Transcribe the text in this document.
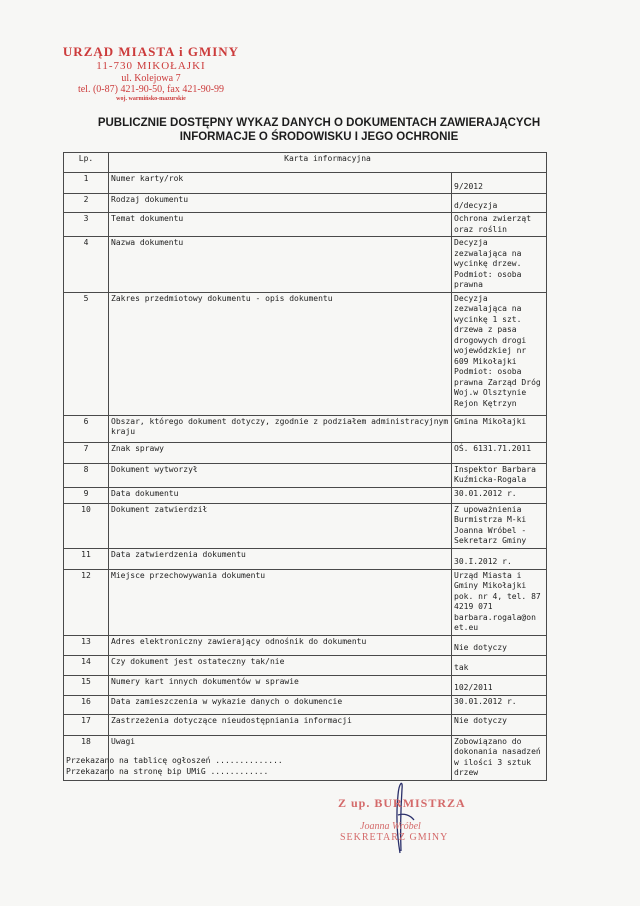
URZĄD MIASTA i GMINY
11-730 MIKOŁAJKI
ul. Kolejowa 7
tel. (0-87) 421-90-50, fax 421-90-99
woj. warmińsko-mazurskie
PUBLICZNIE DOSTĘPNY WYKAZ DANYCH O DOKUMENTACH ZAWIERAJĄCYCH INFORMACJE O ŚRODOWISKU I JEGO OCHRONIE
Lp.	Karta informacyjna	
1	Numer karty/rok	9/2012
2	Rodzaj dokumentu	d/decyzja
3	Temat dokumentu	Ochrona zwierząt oraz roślin
4	Nazwa dokumentu	Decyzja zezwalająca na wycinkę drzew. Podmiot: osoba prawna
5	Zakres przedmiotowy dokumentu - opis dokumentu	Decyzja zezwalająca na wycinkę 1 szt. drzewa z pasa drogowych drogi wojewódzkiej nr 609 Mikołajki Podmiot: osoba prawna Zarząd Dróg Woj.w Olsztynie Rejon Kętrzyn
6	Obszar, którego dokument dotyczy, zgodnie z podziałem administracyjnym kraju	Gmina Mikołajki
7	Znak sprawy	OŚ. 6131.71.2011
8	Dokument wytworzył	Inspektor Barbara Kuźmicka-Rogala
9	Data dokumentu	30.01.2012 r.
10	Dokument zatwierdził	Z upoważnienia Burmistrza M-ki Joanna Wróbel - Sekretarz Gminy
11	Data zatwierdzenia dokumentu	30.I.2012 r.
12	Miejsce przechowywania dokumentu	Urząd Miasta i Gminy Mikołajki pok. nr 4, tel. 87 4219 071 barbara.rogala@on et.eu
13	Adres elektroniczny zawierający odnośnik do dokumentu	Nie dotyczy
14	Czy dokument jest ostateczny tak/nie	tak
15	Numery kart innych dokumentów w sprawie	102/2011
16	Data zamieszczenia w wykazie danych o dokumencie	30.01.2012 r.
17	Zastrzeżenia dotyczące nieudostępniania informacji	Nie dotyczy
18	Uwagi	Zobowiązano do dokonania nasadzeń w ilości 3 sztuk drzew
Przekazano na tablicę ogłoszeń ..............
Przekazano na stronę bip UMiG ............
Z up. BURMISTRZA
Joanna Wróbel
SEKRETARZ GMINY
